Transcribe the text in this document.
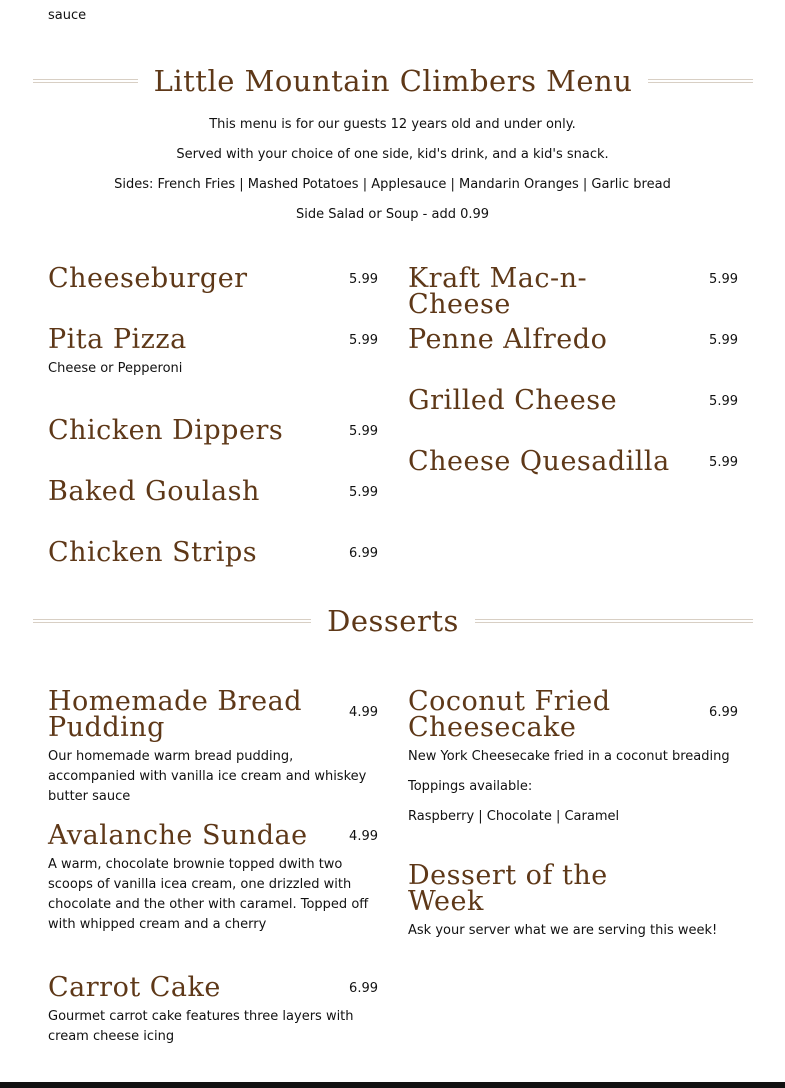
sauce
Little Mountain Climbers Menu

This menu is for our guests 12 years old and under only.

Served with your choice of one side, kid's drink, and a kid's snack.

Sides: French Fries | Mashed Potatoes | Applesauce | Mandarin Oranges | Garlic bread

Side Salad or Soup - add 0.99

5.99
Cheeseburger
5.99
Pita Pizza
Cheese or Pepperoni
5.99
Chicken Dippers
5.99
Baked Goulash
6.99
Chicken Strips
5.99
Kraft Mac-n-Cheese
5.99
Penne Alfredo
5.99
Grilled Cheese
5.99
Cheese Quesadilla
Desserts
4.99
Homemade Bread Pudding
Our homemade warm bread pudding, accompanied with vanilla ice cream and whiskey butter sauce
4.99
Avalanche Sundae
A warm, chocolate brownie topped dwith two scoops of vanilla icea cream, one drizzled with chocolate and the other with caramel. Topped off with whipped cream and a cherry
6.99
Carrot Cake
Gourmet carrot cake features three layers with cream cheese icing
6.99
Coconut Fried Cheesecake
New York Cheesecake fried in a coconut breading
Toppings available:
Raspberry | Chocolate | Caramel
Dessert of the Week
Ask your server what we are serving this week!
